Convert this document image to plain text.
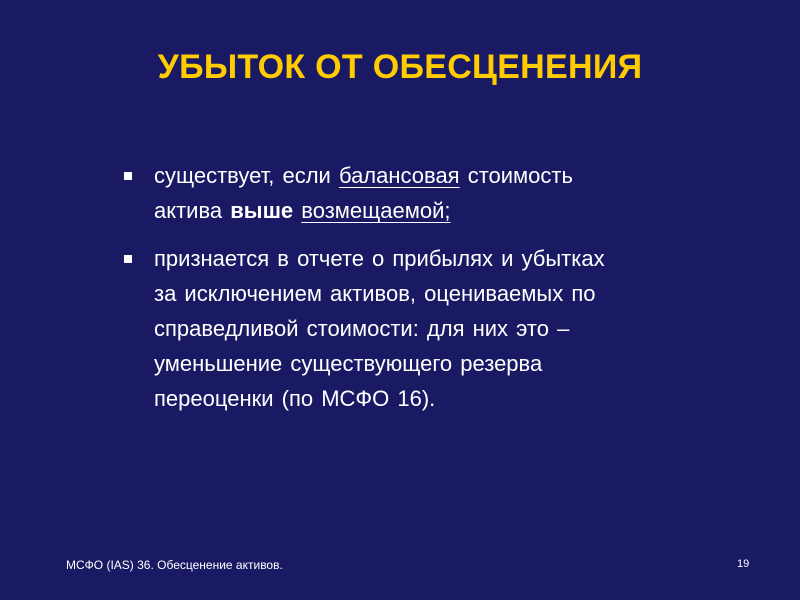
УБЫТОК ОТ ОБЕСЦЕНЕНИЯ
существует, если балансовая стоимость
актива выше возмещаемой;
признается в отчете о прибылях и убытках
за исключением активов, оцениваемых по
справедливой стоимости: для них это –
уменьшение существующего резерва
переоценки (по МСФО 16).
МСФО (IAS) 36. Обесценение активов.	19
